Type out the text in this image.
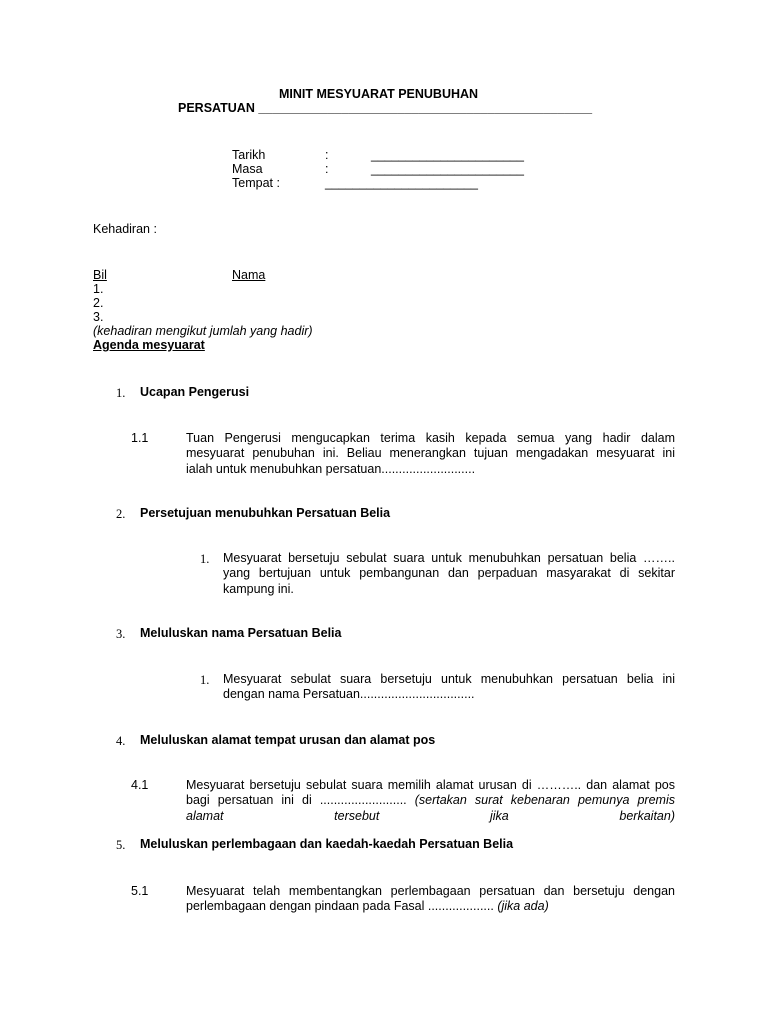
MINIT MESYUARAT PENUBUHAN
PERSATUAN ________________________________________________
Tarikh	:	______________________
Masa	:	______________________
Tempat :	______________________
Kehadiran :
Bil	Nama
1.
2.
3.
(kehadiran mengikut jumlah yang hadir)
Agenda mesyuarat
1. Ucapan Pengerusi
1.1	Tuan Pengerusi mengucapkan terima kasih kepada semua yang hadir dalam
mesyuarat penubuhan ini. Beliau menerangkan tujuan mengadakan mesyuarat ini
ialah untuk menubuhkan persatuan...........................
2. Persetujuan menubuhkan Persatuan Belia
1. Mesyuarat bersetuju sebulat suara untuk menubuhkan persatuan belia ……..
yang bertujuan untuk pembangunan dan perpaduan masyarakat di sekitar
kampung ini.
3. Meluluskan nama Persatuan Belia
1. Mesyuarat sebulat suara bersetuju untuk menubuhkan persatuan belia ini
dengan nama Persatuan.................................
4. Meluluskan alamat tempat urusan dan alamat pos
4.1	Mesyuarat bersetuju sebulat suara memilih alamat urusan di ……….. dan alamat pos
bagi persatuan ini di ......................... (sertakan surat kebenaran pemunya premis
alamat tersebut jika berkaitan)
5. Meluluskan perlembagaan dan kaedah-kaedah Persatuan Belia
5.1	Mesyuarat telah membentangkan perlembagaan persatuan dan bersetuju dengan
perlembagaan dengan pindaan pada Fasal ................... (jika ada)
